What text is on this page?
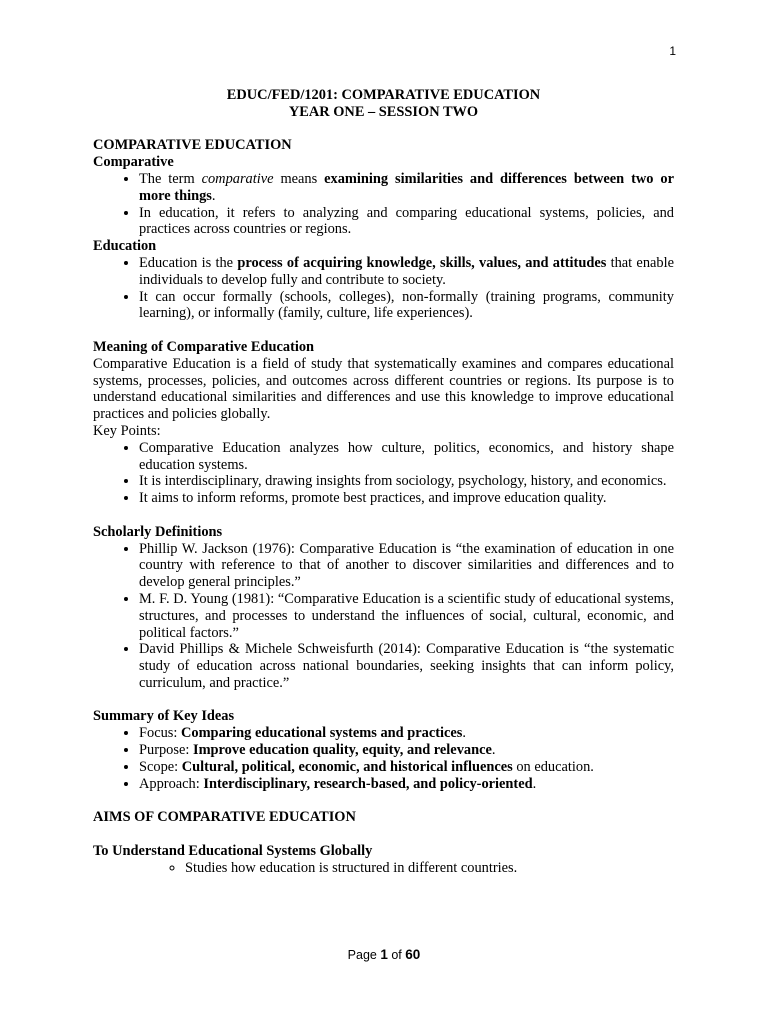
1
EDUC/FED/1201: COMPARATIVE EDUCATION
YEAR ONE – SESSION TWO
COMPARATIVE EDUCATION
Comparative
• The term comparative means examining similarities and differences between two or more things.
• In education, it refers to analyzing and comparing educational systems, policies, and practices across countries or regions.
Education
• Education is the process of acquiring knowledge, skills, values, and attitudes that enable individuals to develop fully and contribute to society.
• It can occur formally (schools, colleges), non-formally (training programs, community learning), or informally (family, culture, life experiences).
Meaning of Comparative Education

Comparative Education is a field of study that systematically examines and compares educational systems, processes, policies, and outcomes across different countries or regions. Its purpose is to understand educational similarities and differences and use this knowledge to improve educational practices and policies globally.

Key Points:
• Comparative Education analyzes how culture, politics, economics, and history shape education systems.
• It is interdisciplinary, drawing insights from sociology, psychology, history, and economics.
• It aims to inform reforms, promote best practices, and improve education quality.
Scholarly Definitions
• Phillip W. Jackson (1976): Comparative Education is “the examination of education in one country with reference to that of another to discover similarities and differences and to develop general principles.”
• M. F. D. Young (1981): “Comparative Education is a scientific study of educational systems, structures, and processes to understand the influences of social, cultural, economic, and political factors.”
• David Phillips & Michele Schweisfurth (2014): Comparative Education is “the systematic study of education across national boundaries, seeking insights that can inform policy, curriculum, and practice.”
Summary of Key Ideas
• Focus: Comparing educational systems and practices.
• Purpose: Improve education quality, equity, and relevance.
• Scope: Cultural, political, economic, and historical influences on education.
• Approach: Interdisciplinary, research-based, and policy-oriented.
AIMS OF COMPARATIVE EDUCATION
To Understand Educational Systems Globally
◦ Studies how education is structured in different countries.
Page 1 of 60
